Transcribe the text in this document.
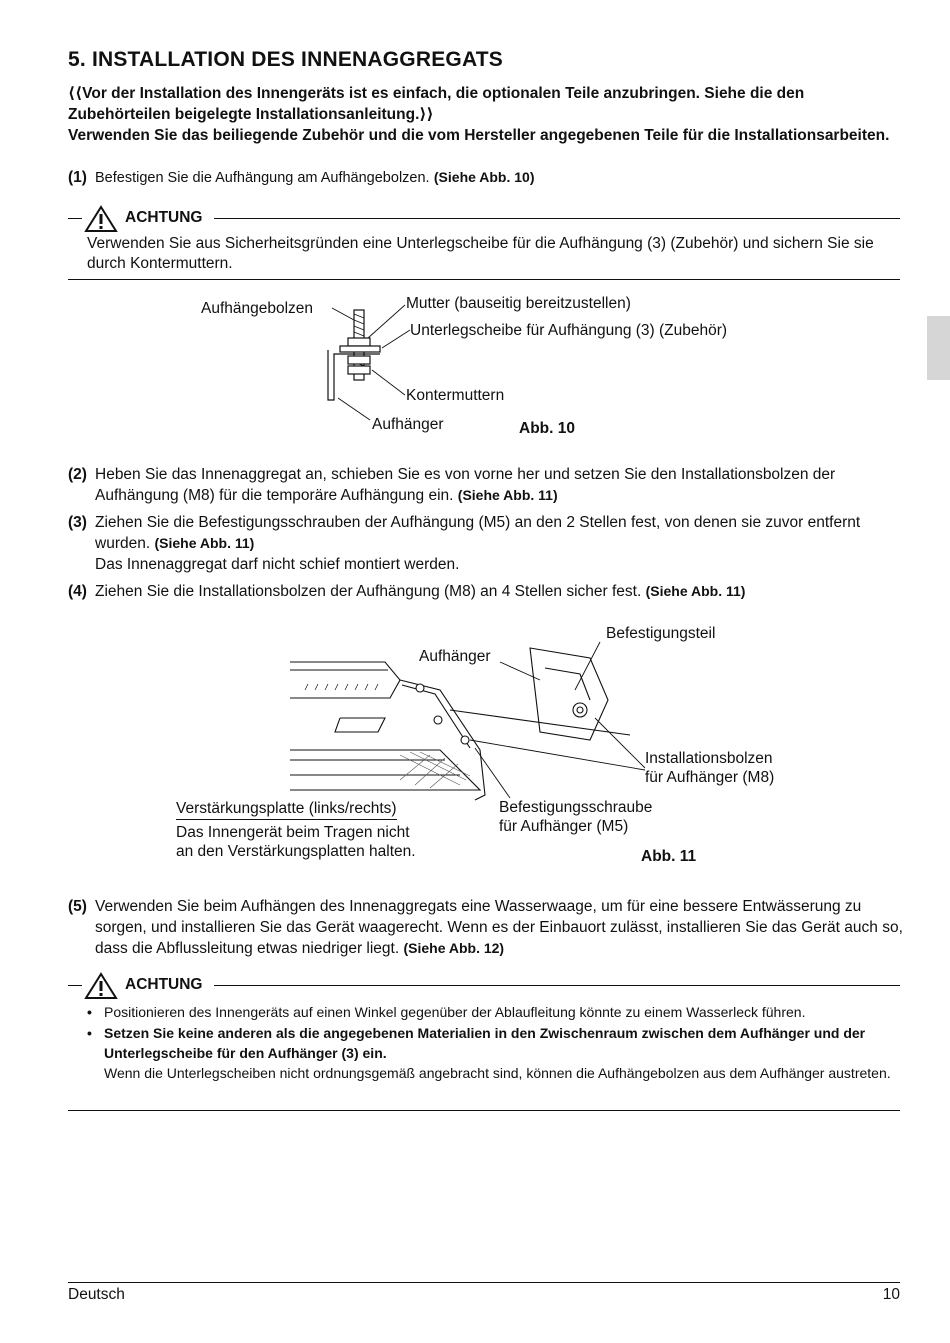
5. INSTALLATION DES INNENAGGREGATS
⟨⟨Vor der Installation des Innengeräts ist es einfach, die optionalen Teile anzubringen. Siehe die den Zubehörteilen beigelegte Installationsanleitung.⟩⟩
Verwenden Sie das beiliegende Zubehör und die vom Hersteller angegebenen Teile für die Installationsarbeiten.
(1) Befestigen Sie die Aufhängung am Aufhängebolzen. (Siehe Abb. 10)
ACHTUNG
Verwenden Sie aus Sicherheitsgründen eine Unterlegscheibe für die Aufhängung (3) (Zubehör) und sichern Sie sie durch Kontermuttern.
Aufhängebolzen	Mutter (bauseitig bereitzustellen)
Unterlegscheibe für Aufhängung (3) (Zubehör)
Kontermuttern
Aufhänger	Abb. 10
(2) Heben Sie das Innenaggregat an, schieben Sie es von vorne her und setzen Sie den Installationsbolzen der Aufhängung (M8) für die temporäre Aufhängung ein. (Siehe Abb. 11)
(3) Ziehen Sie die Befestigungsschrauben der Aufhängung (M5) an den 2 Stellen fest, von denen sie zuvor entfernt wurden. (Siehe Abb. 11)
Das Innenaggregat darf nicht schief montiert werden.
(4) Ziehen Sie die Installationsbolzen der Aufhängung (M8) an 4 Stellen sicher fest. (Siehe Abb. 11)
Befestigungsteil
Aufhänger
Installationsbolzen
für Aufhänger (M8)
Befestigungsschraube
für Aufhänger (M5)
Verstärkungsplatte (links/rechts)
Das Innengerät beim Tragen nicht
an den Verstärkungsplatten halten.	Abb. 11
(5) Verwenden Sie beim Aufhängen des Innenaggregats eine Wasserwaage, um für eine bessere Entwässerung zu sorgen, und installieren Sie das Gerät waagerecht. Wenn es der Einbauort zulässt, installieren Sie das Gerät auch so, dass die Abflussleitung etwas niedriger liegt. (Siehe Abb. 12)
ACHTUNG
• Positionieren des Innengeräts auf einen Winkel gegenüber der Ablaufleitung könnte zu einem Wasserleck führen.
• Setzen Sie keine anderen als die angegebenen Materialien in den Zwischenraum zwischen dem Aufhänger und der Unterlegscheibe für den Aufhänger (3) ein.
Wenn die Unterlegscheiben nicht ordnungsgemäß angebracht sind, können die Aufhängebolzen aus dem Aufhänger austreten.
Deutsch	10
